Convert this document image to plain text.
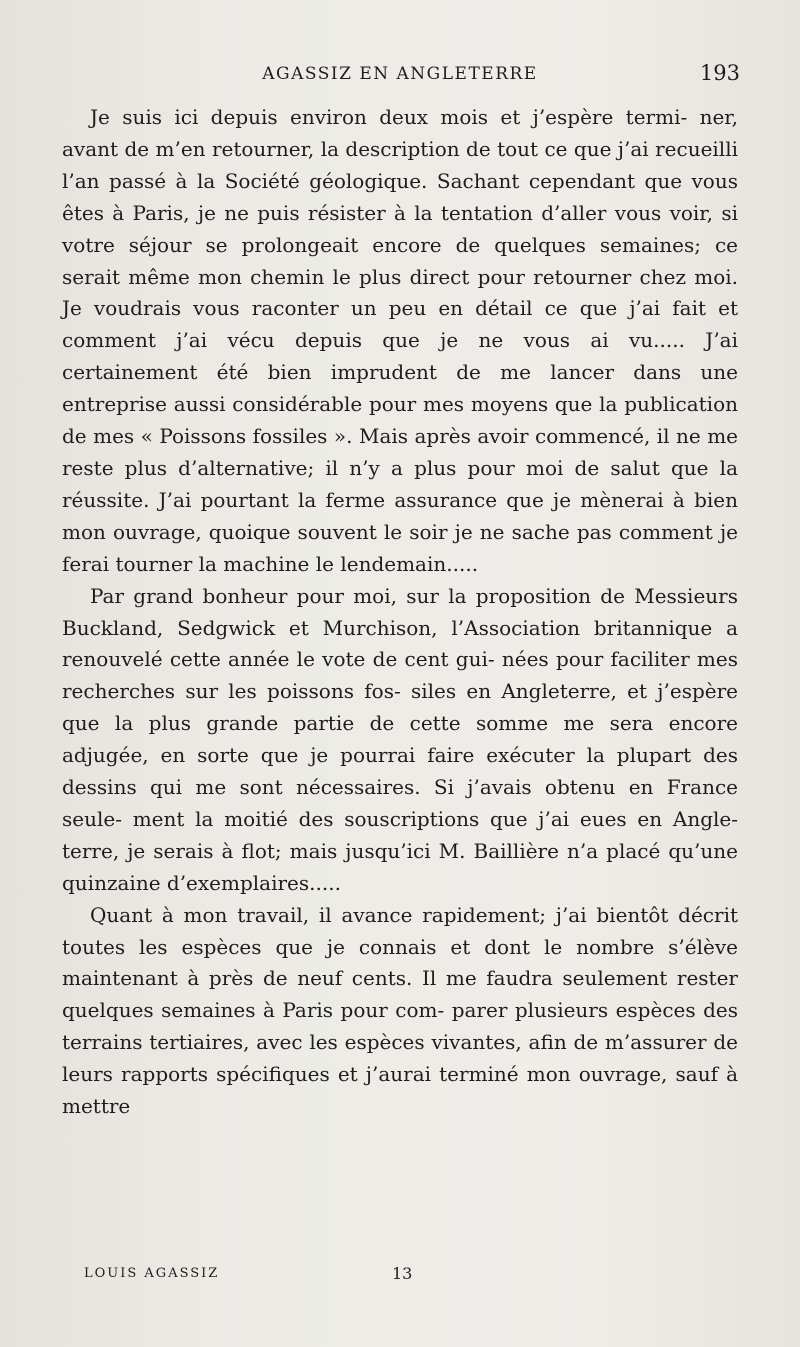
AGASSIZ EN ANGLETERRE	193

Je suis ici depuis environ deux mois et j’espère termi- ner, avant de m’en retourner, la description de tout ce que j’ai recueilli l’an passé à la Société géologique. Sachant cependant que vous êtes à Paris, je ne puis résister à la tentation d’aller vous voir, si votre séjour se prolongeait encore de quelques semaines; ce serait même mon chemin le plus direct pour retourner chez moi. Je voudrais vous raconter un peu en détail ce que j’ai fait et comment j’ai vécu depuis que je ne vous ai vu..... J’ai certainement été bien imprudent de me lancer dans une entreprise aussi considérable pour mes moyens que la publication de mes « Poissons fossiles ». Mais après avoir commencé, il ne me reste plus d’alternative; il n’y a plus pour moi de salut que la réussite. J’ai pourtant la ferme assurance que je mènerai à bien mon ouvrage, quoique souvent le soir je ne sache pas comment je ferai tourner la machine le lendemain.....

Par grand bonheur pour moi, sur la proposition de Messieurs Buckland, Sedgwick et Murchison, l’Association britannique a renouvelé cette année le vote de cent gui- nées pour faciliter mes recherches sur les poissons fos- siles en Angleterre, et j’espère que la plus grande partie de cette somme me sera encore adjugée, en sorte que je pourrai faire exécuter la plupart des dessins qui me sont nécessaires. Si j’avais obtenu en France seule- ment la moitié des souscriptions que j’ai eues en Angle- terre, je serais à flot; mais jusqu’ici M. Baillière n’a placé qu’une quinzaine d’exemplaires.....

Quant à mon travail, il avance rapidement; j’ai bientôt décrit toutes les espèces que je connais et dont le nombre s’élève maintenant à près de neuf cents. Il me faudra seulement rester quelques semaines à Paris pour com- parer plusieurs espèces des terrains tertiaires, avec les espèces vivantes, afin de m’assurer de leurs rapports spécifiques et j’aurai terminé mon ouvrage, sauf à mettre

LOUIS AGASSIZ	13
